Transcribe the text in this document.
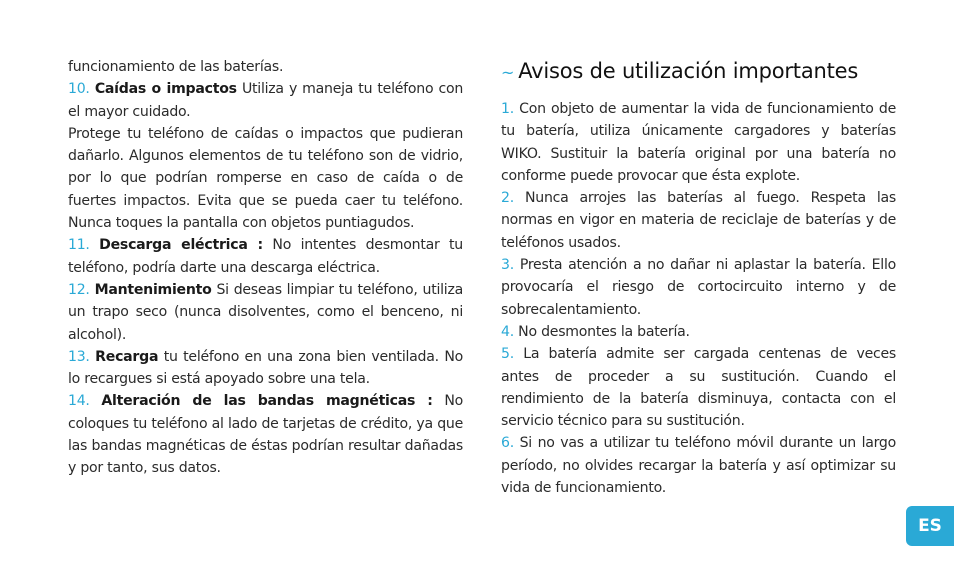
funcionamiento de las baterías.

10. Caídas o impactos Utiliza y maneja tu teléfono con el mayor cuidado.

Protege tu teléfono de caídas o impactos que pudieran dañarlo. Algunos elementos de tu teléfono son de vidrio, por lo que podrían romperse en caso de caída o de fuertes impactos. Evita que se pueda caer tu teléfono. Nunca toques la pantalla con objetos puntiagudos.

11. Descarga eléctrica : No intentes desmontar tu teléfono, podría darte una descarga eléctrica.

12. Mantenimiento Si deseas limpiar tu teléfono, utiliza un trapo seco (nunca disolventes, como el benceno, ni alcohol).

13. Recarga tu teléfono en una zona bien ventilada. No lo recargues si está apoyado sobre una tela.

14. Alteración de las bandas magnéticas : No coloques tu teléfono al lado de tarjetas de crédito, ya que las bandas magnéticas de éstas podrían resultar dañadas y por tanto, sus datos.

~ Avisos de utilización importantes

1. Con objeto de aumentar la vida de funcionamiento de tu batería, utiliza únicamente cargadores y baterías WIKO. Sustituir la batería original por una batería no conforme puede provocar que ésta explote.

2. Nunca arrojes las baterías al fuego. Respeta las normas en vigor en materia de reciclaje de baterías y de teléfonos usados.

3. Presta atención a no dañar ni aplastar la batería. Ello provocaría el riesgo de cortocircuito interno y de sobrecalentamiento.

4. No desmontes la batería.

5. La batería admite ser cargada centenas de veces antes de proceder a su sustitución. Cuando el rendimiento de la batería disminuya, contacta con el servicio técnico para su sustitución.

6. Si no vas a utilizar tu teléfono móvil durante un largo período, no olvides recargar la batería y así optimizar su vida de funcionamiento.

ES
